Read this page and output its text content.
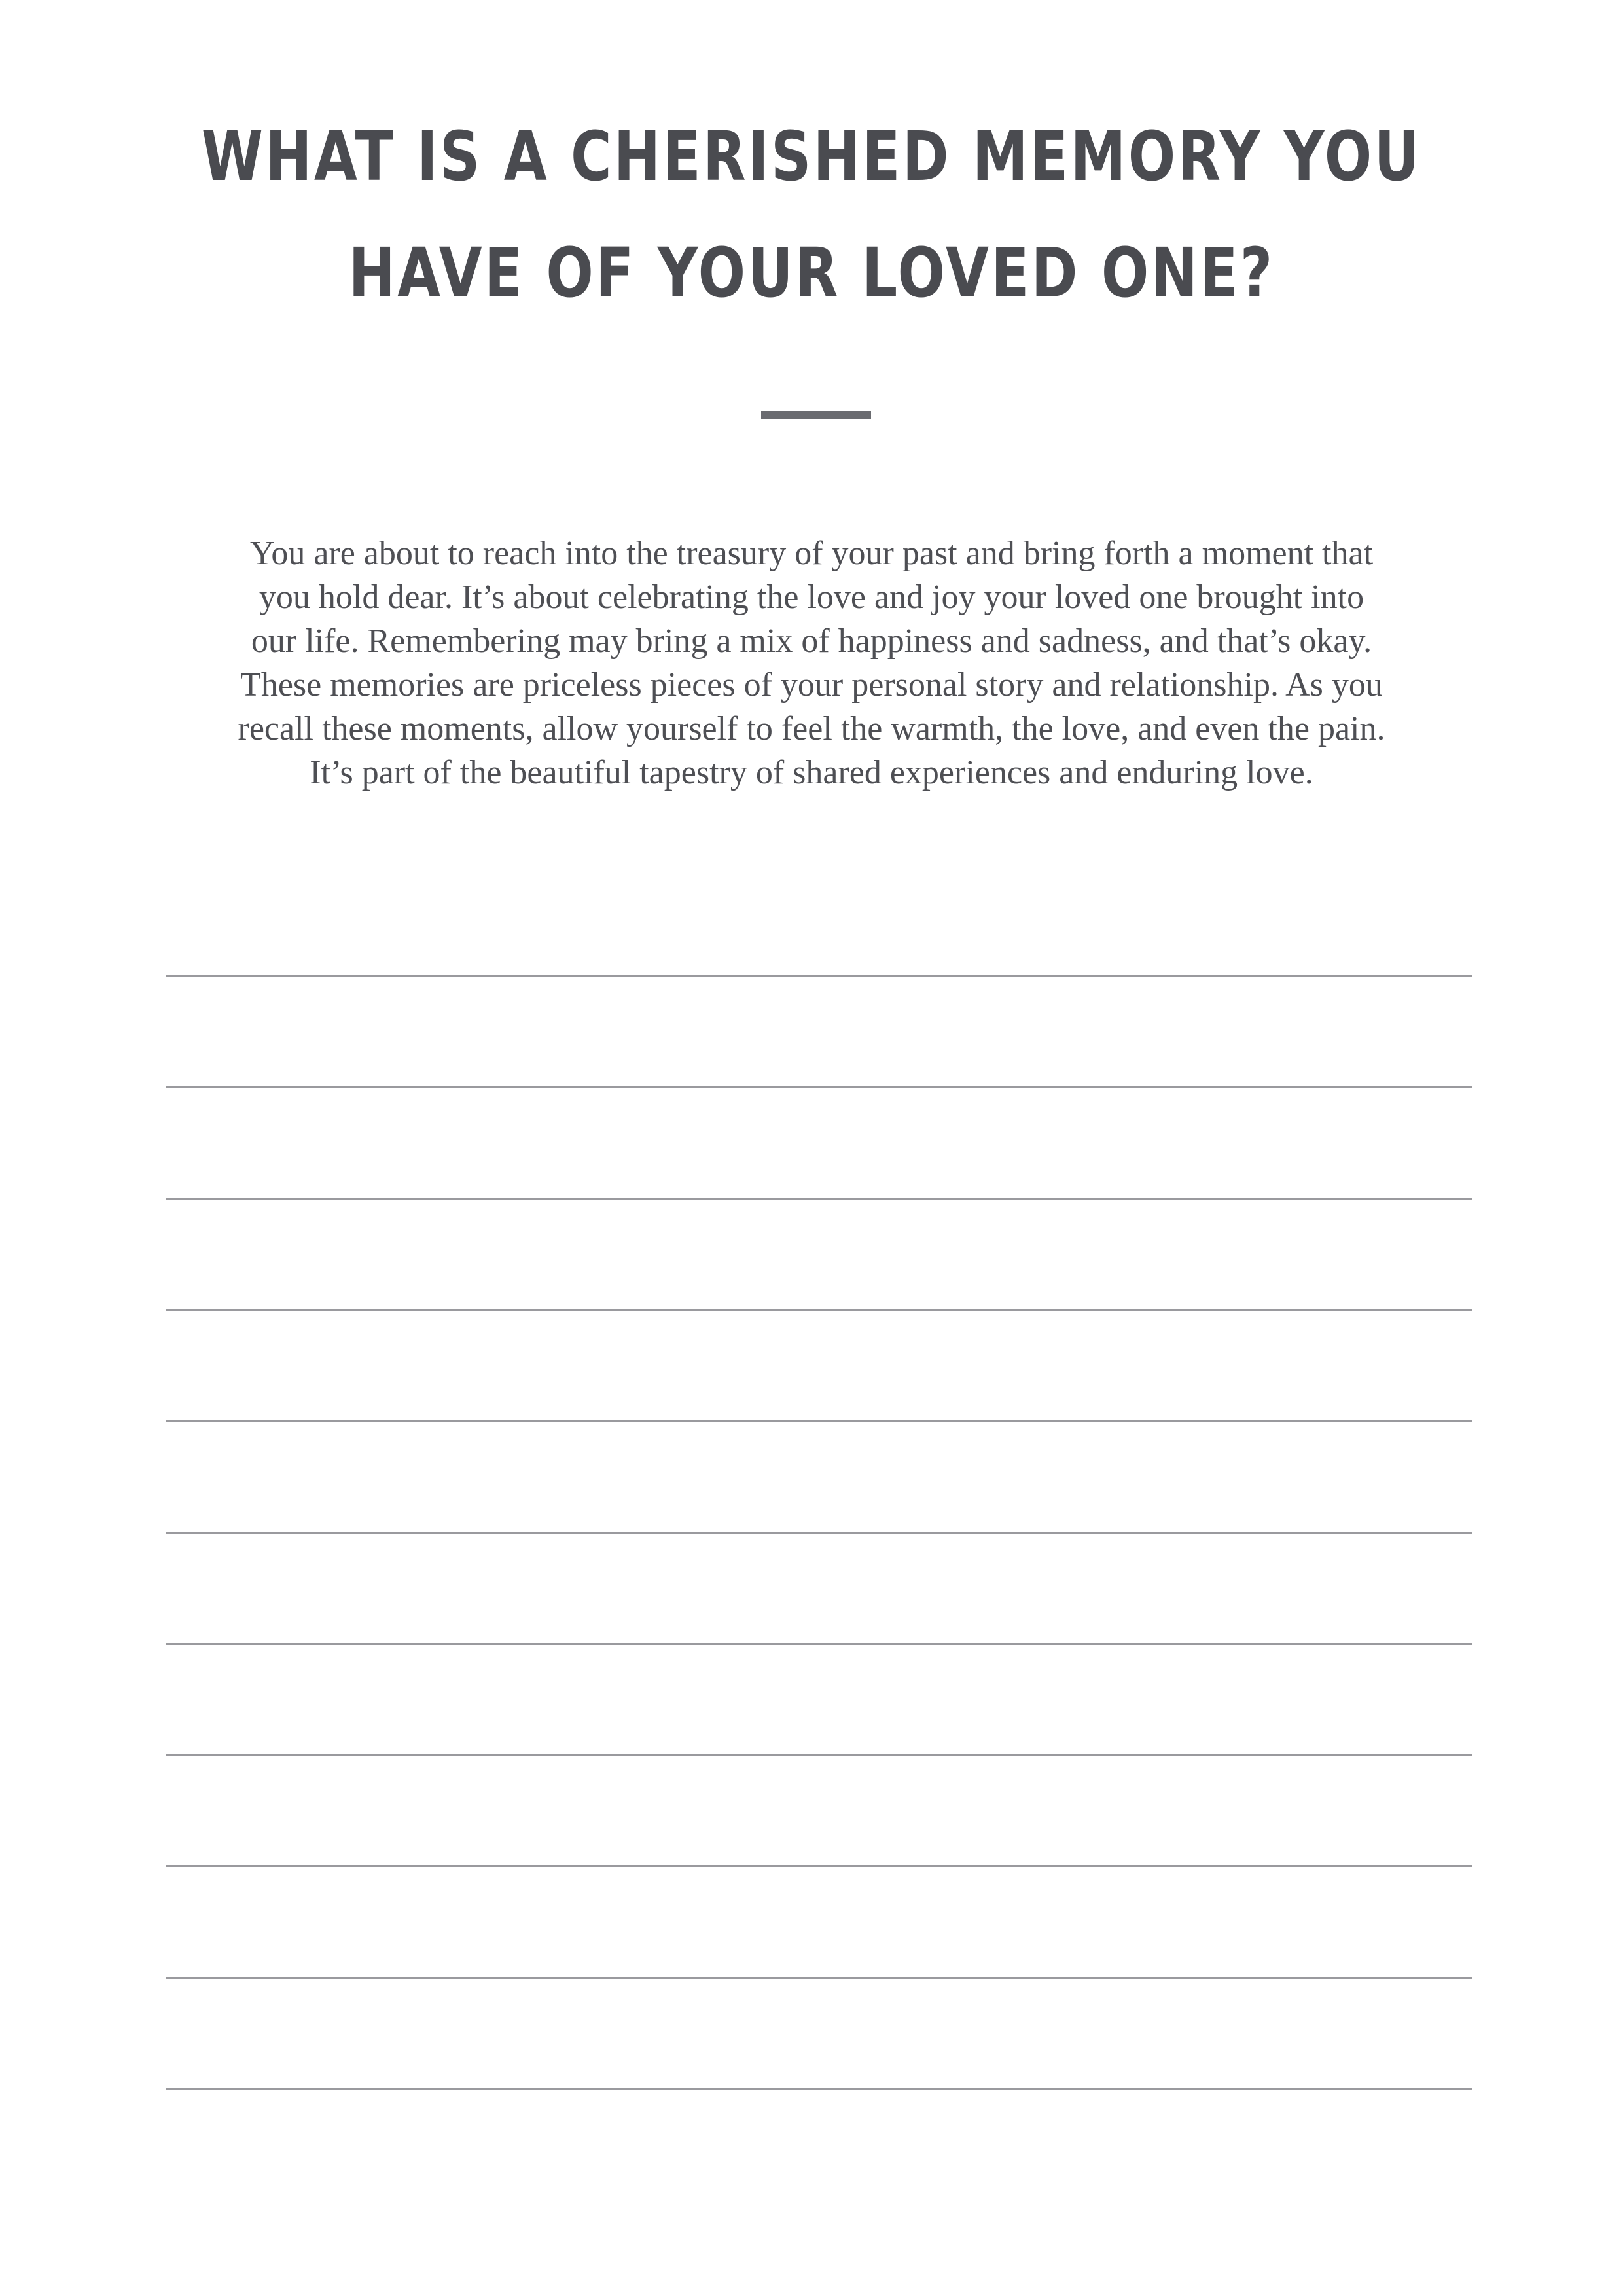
WHAT IS A CHERISHED MEMORY YOU
HAVE OF YOUR LOVED ONE?

You are about to reach into the treasury of your past and bring forth a moment that
you hold dear. It’s about celebrating the love and joy your loved one brought into
our life. Remembering may bring a mix of happiness and sadness, and that’s okay.
These memories are priceless pieces of your personal story and relationship. As you
recall these moments, allow yourself to feel the warmth, the love, and even the pain.
It’s part of the beautiful tapestry of shared experiences and enduring love.
